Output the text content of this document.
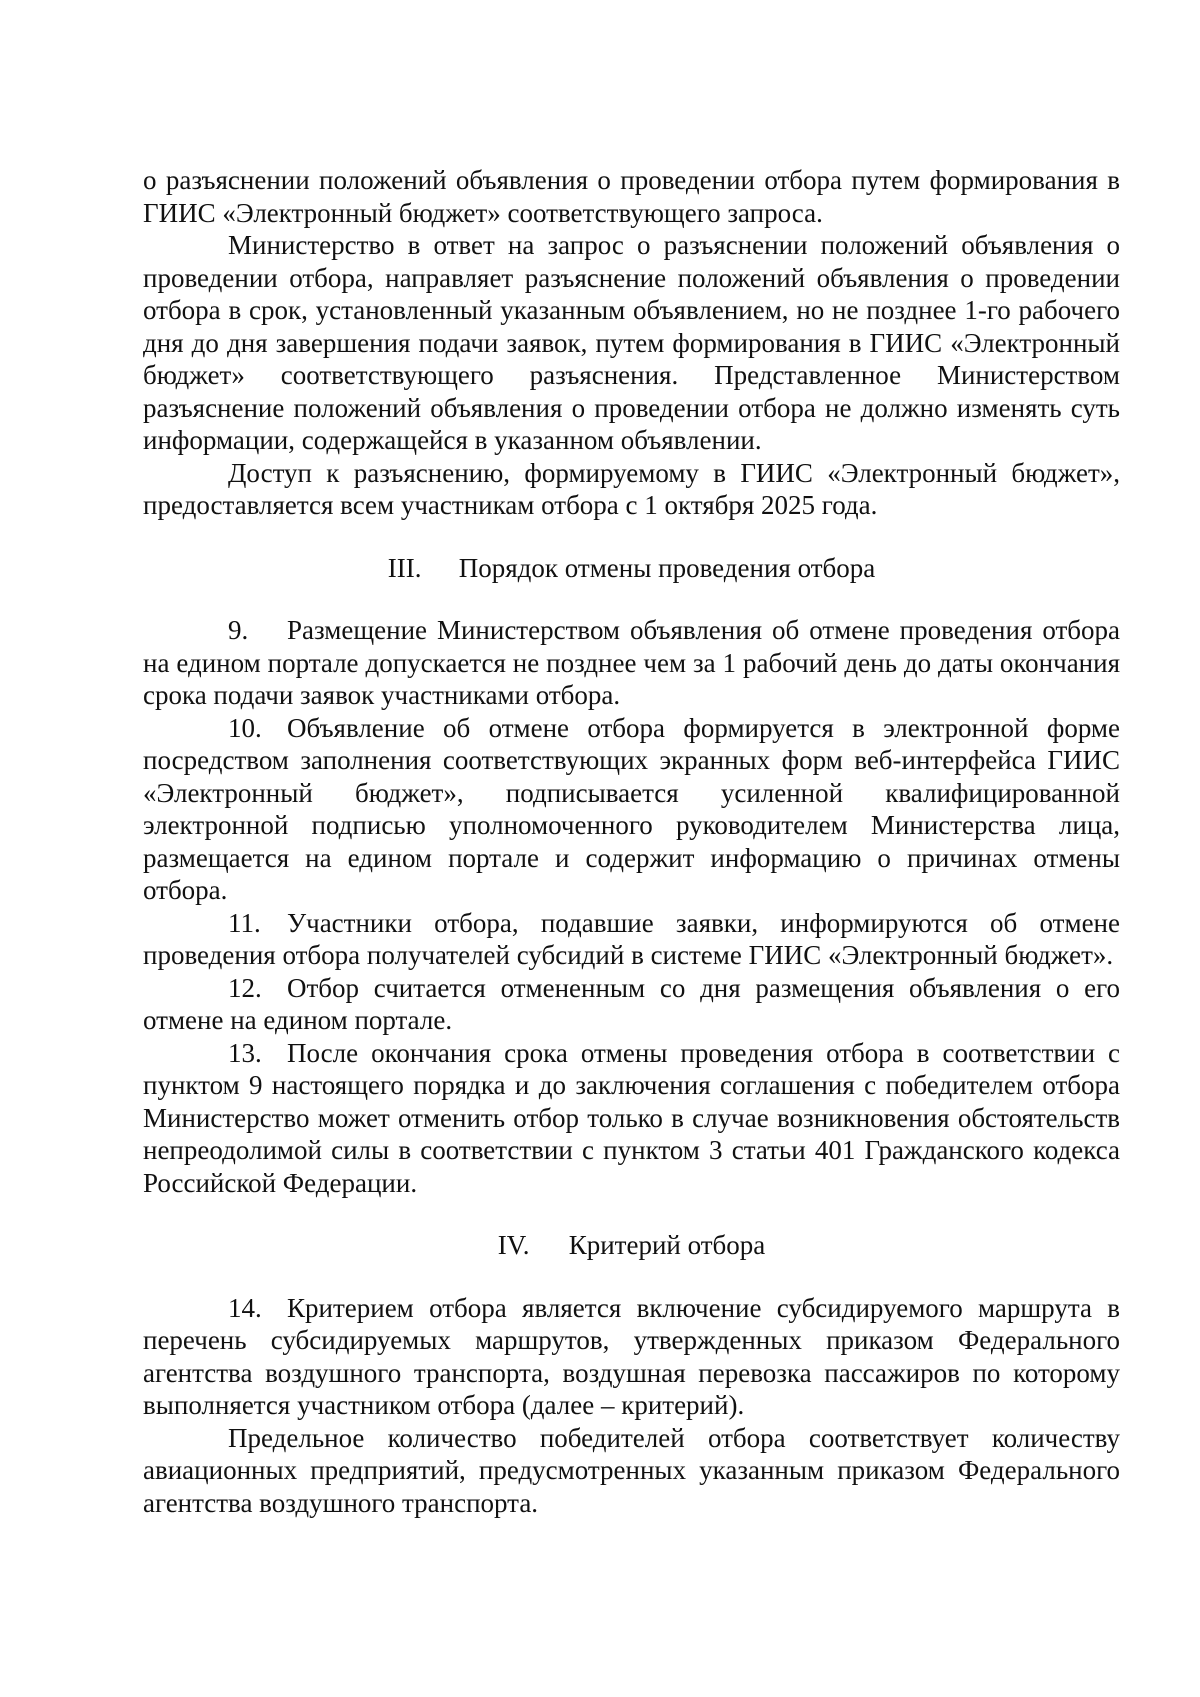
о разъяснении положений объявления о проведении отбора путем формирования в ГИИС «Электронный бюджет» соответствующего запроса.

Министерство в ответ на запрос о разъяснении положений объявления о проведении отбора, направляет разъяснение положений объявления о проведении отбора в срок, установленный указанным объявлением, но не позднее 1-го рабочего дня до дня завершения подачи заявок, путем формирования в ГИИС «Электронный бюджет» соответствующего разъяснения. Представленное Министерством разъяснение положений объявления о проведении отбора не должно изменять суть информации, содержащейся в указанном объявлении.

Доступ к разъяснению, формируемому в ГИИС «Электронный бюджет», предоставляется всем участникам отбора с 1 октября 2025 года.

III. Порядок отмены проведения отбора

9. Размещение Министерством объявления об отмене проведения отбора на едином портале допускается не позднее чем за 1 рабочий день до даты окончания срока подачи заявок участниками отбора.

10. Объявление об отмене отбора формируется в электронной форме посредством заполнения соответствующих экранных форм веб-интерфейса ГИИС «Электронный бюджет», подписывается усиленной квалифицированной электронной подписью уполномоченного руководителем Министерства лица, размещается на едином портале и содержит информацию о причинах отмены отбора.

11. Участники отбора, подавшие заявки, информируются об отмене проведения отбора получателей субсидий в системе ГИИС «Электронный бюджет».

12. Отбор считается отмененным со дня размещения объявления о его отмене на едином портале.

13. После окончания срока отмены проведения отбора в соответствии с пунктом 9 настоящего порядка и до заключения соглашения с победителем отбора Министерство может отменить отбор только в случае возникновения обстоятельств непреодолимой силы в соответствии с пунктом 3 статьи 401 Гражданского кодекса Российской Федерации.

IV. Критерий отбора

14. Критерием отбора является включение субсидируемого маршрута в перечень субсидируемых маршрутов, утвержденных приказом Федерального агентства воздушного транспорта, воздушная перевозка пассажиров по которому выполняется участником отбора (далее – критерий).

Предельное количество победителей отбора соответствует количеству авиационных предприятий, предусмотренных указанным приказом Федерального агентства воздушного транспорта.
